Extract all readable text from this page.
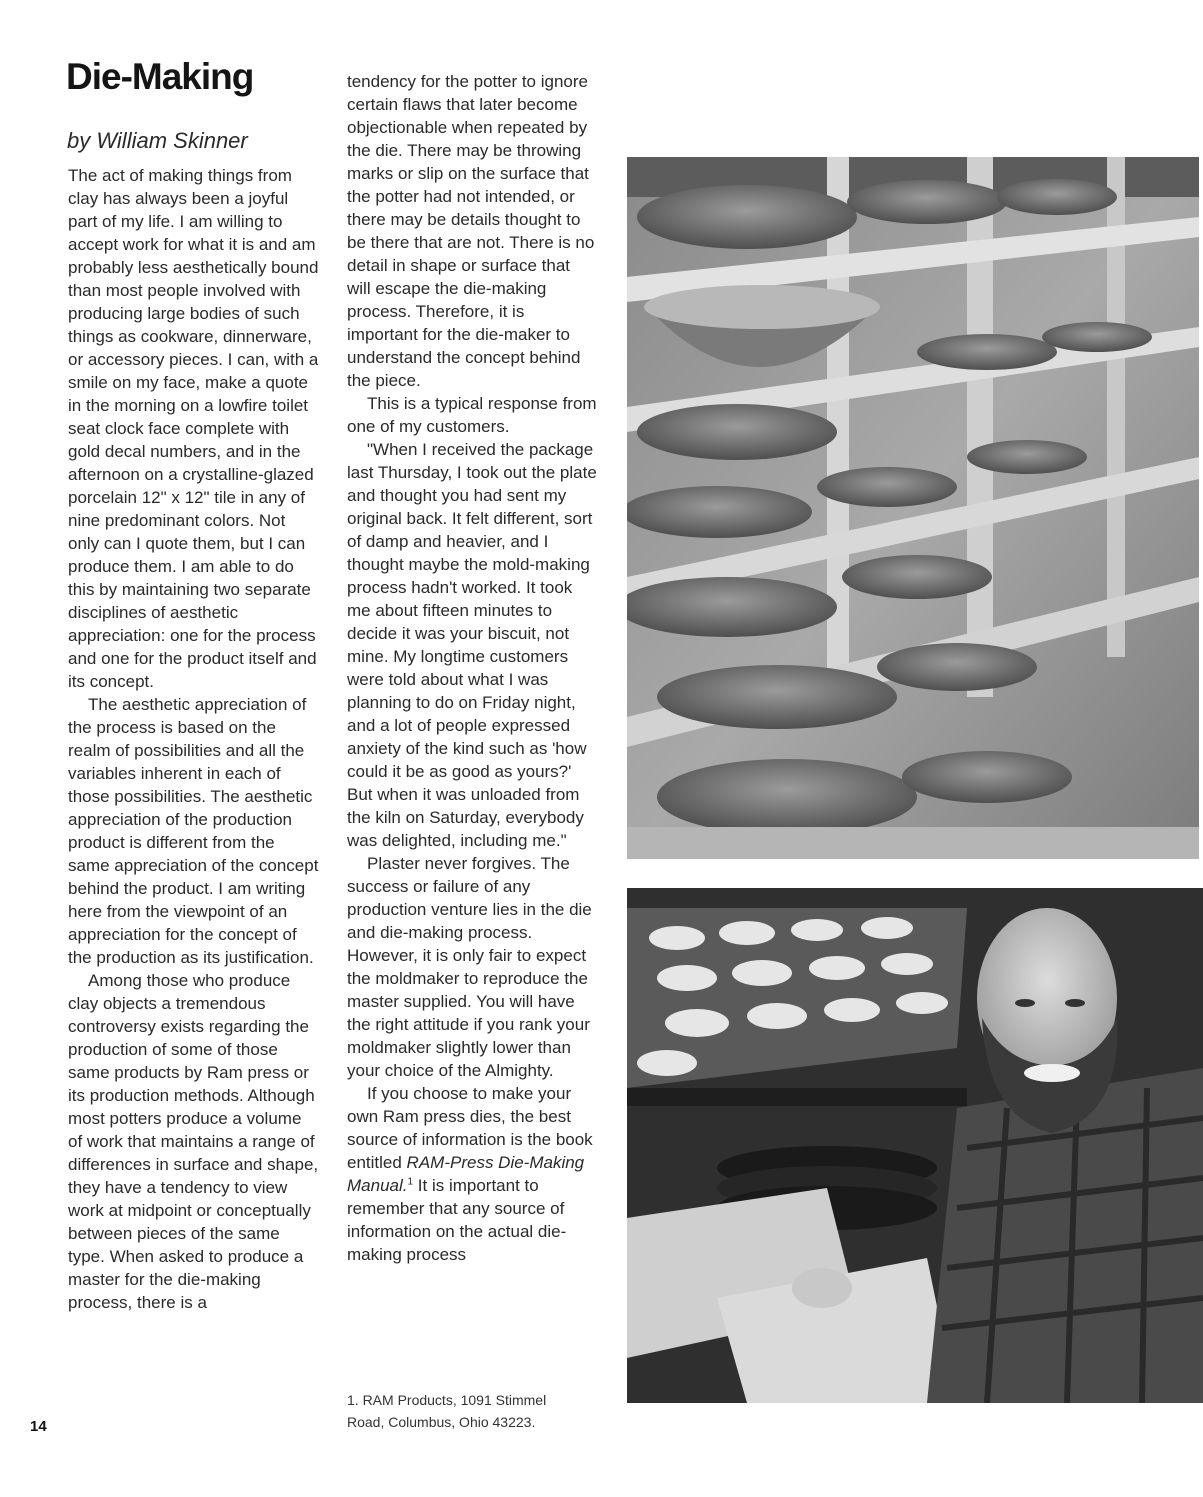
Die-Making

by William Skinner

The act of making things from clay has always been a joyful part of my life. I am willing to accept work for what it is and am probably less aesthetically bound than most people involved with producing large bodies of such things as cookware, dinnerware, or accessory pieces. I can, with a smile on my face, make a quote in the morning on a lowfire toilet seat clock face complete with gold decal numbers, and in the afternoon on a crystalline-glazed porcelain 12" x 12" tile in any of nine predominant colors. Not only can I quote them, but I can produce them. I am able to do this by maintaining two separate disciplines of aesthetic appreciation: one for the process and one for the product itself and its concept.

The aesthetic appreciation of the process is based on the realm of possibilities and all the variables inherent in each of those possibilities. The aesthetic appreciation of the production product is different from the same appreciation of the concept behind the product. I am writing here from the viewpoint of an appreciation for the concept of the production as its justification.

Among those who produce clay objects a tremendous controversy exists regarding the production of some of those same products by Ram press or its production methods. Although most potters produce a volume of work that maintains a range of differences in surface and shape, they have a tendency to view work at midpoint or conceptually between pieces of the same type. When asked to produce a master for the die-making process, there is a

tendency for the potter to ignore certain flaws that later become objectionable when repeated by the die. There may be throwing marks or slip on the surface that the potter had not intended, or there may be details thought to be there that are not. There is no detail in shape or surface that will escape the die-making process. Therefore, it is important for the die-maker to understand the concept behind the piece.

This is a typical response from one of my customers.

"When I received the package last Thursday, I took out the plate and thought you had sent my original back. It felt different, sort of damp and heavier, and I thought maybe the mold-making process hadn't worked. It took me about fifteen minutes to decide it was your biscuit, not mine. My longtime customers were told about what I was planning to do on Friday night, and a lot of people expressed anxiety of the kind such as 'how could it be as good as yours?' But when it was unloaded from the kiln on Saturday, everybody was delighted, including me."

Plaster never forgives. The success or failure of any production venture lies in the die and die-making process. However, it is only fair to expect the moldmaker to reproduce the master supplied. You will have the right attitude if you rank your moldmaker slightly lower than your choice of the Almighty.

If you choose to make your own Ram press dies, the best source of information is the book entitled RAM-Press Die-Making Manual.$^1$ It is important to remember that any source of information on the actual die-making process

1. RAM Products, 1091 Stimmel
Road, Columbus, Ohio 43223.
14
